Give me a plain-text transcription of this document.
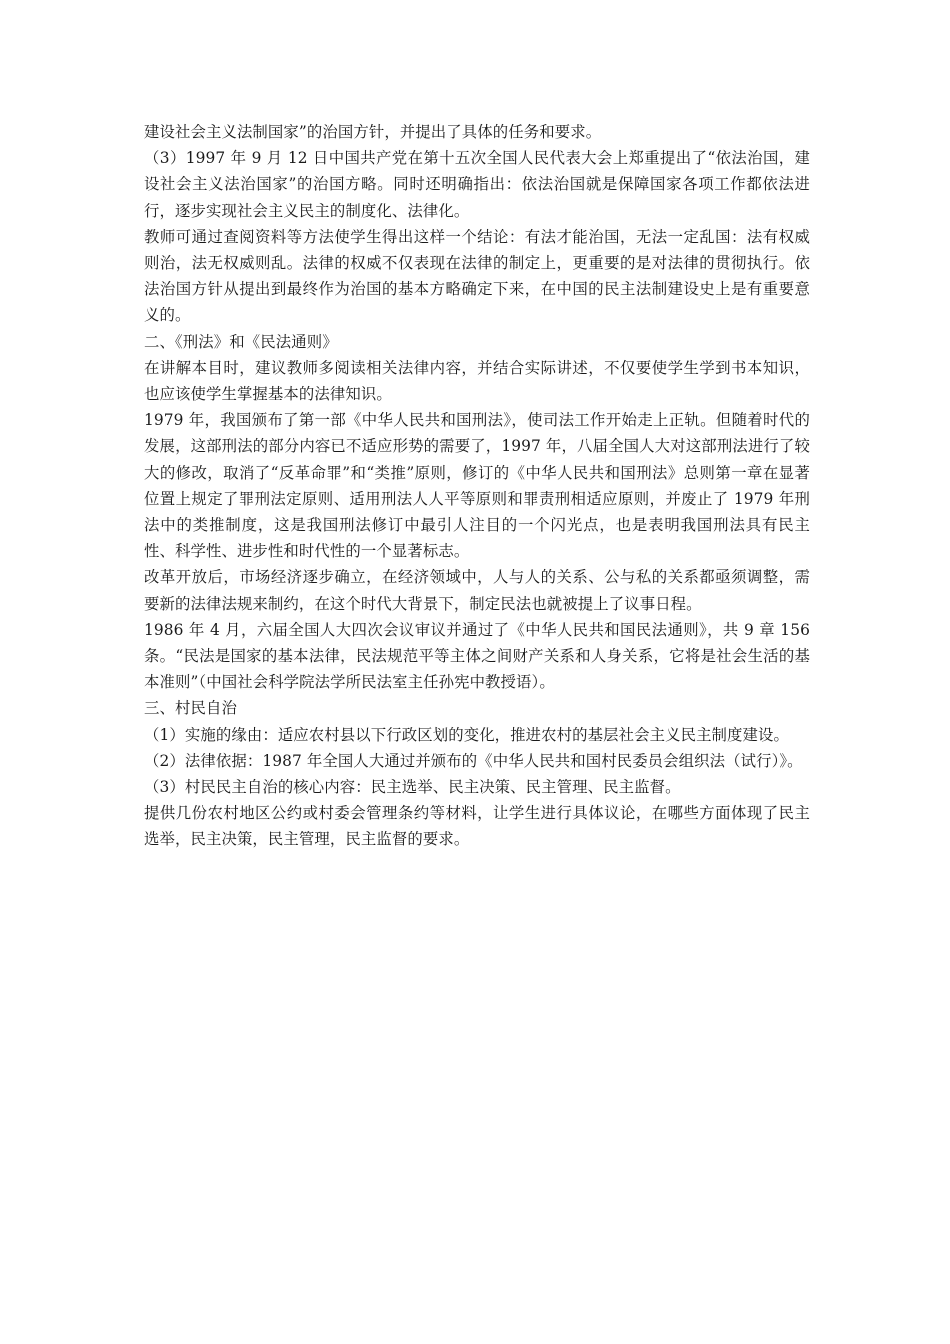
建设社会主义法制国家”的治国方针，并提出了具体的任务和要求。

（3）1997 年 9 月 12 日中国共产党在第十五次全国人民代表大会上郑重提出了“依法治国，建设社会主义法治国家”的治国方略。同时还明确指出：依法治国就是保障国家各项工作都依法进行，逐步实现社会主义民主的制度化、法律化。

教师可通过查阅资料等方法使学生得出这样一个结论：有法才能治国，无法一定乱国：法有权威则治，法无权威则乱。法律的权威不仅表现在法律的制定上，更重要的是对法律的贯彻执行。依法治国方针从提出到最终作为治国的基本方略确定下来，在中国的民主法制建设史上是有重要意义的。

二、《刑法》和《民法通则》

在讲解本目时，建议教师多阅读相关法律内容，并结合实际讲述，不仅要使学生学到书本知识，也应该使学生掌握基本的法律知识。

1979 年，我国颁布了第一部《中华人民共和国刑法》，使司法工作开始走上正轨。但随着时代的发展，这部刑法的部分内容已不适应形势的需要了，1997 年，八届全国人大对这部刑法进行了较大的修改，取消了“反革命罪”和“类推”原则，修订的《中华人民共和国刑法》总则第一章在显著位置上规定了罪刑法定原则、适用刑法人人平等原则和罪责刑相适应原则，并废止了 1979 年刑法中的类推制度，这是我国刑法修订中最引人注目的一个闪光点，也是表明我国刑法具有民主性、科学性、进步性和时代性的一个显著标志。

改革开放后，市场经济逐步确立，在经济领域中，人与人的关系、公与私的关系都亟须调整，需要新的法律法规来制约，在这个时代大背景下，制定民法也就被提上了议事日程。

1986 年 4 月，六届全国人大四次会议审议并通过了《中华人民共和国民法通则》，共 9 章 156 条。“民法是国家的基本法律，民法规范平等主体之间财产关系和人身关系，它将是社会生活的基本准则”（中国社会科学院法学所民法室主任孙宪中教授语）。

三、村民自治

（1）实施的缘由：适应农村县以下行政区划的变化，推进农村的基层社会主义民主制度建设。

（2）法律依据：1987 年全国人大通过并颁布的《中华人民共和国村民委员会组织法（试行）》。

（3）村民民主自治的核心内容：民主选举、民主决策、民主管理、民主监督。

提供几份农村地区公约或村委会管理条约等材料，让学生进行具体议论，在哪些方面体现了民主选举，民主决策，民主管理，民主监督的要求。
